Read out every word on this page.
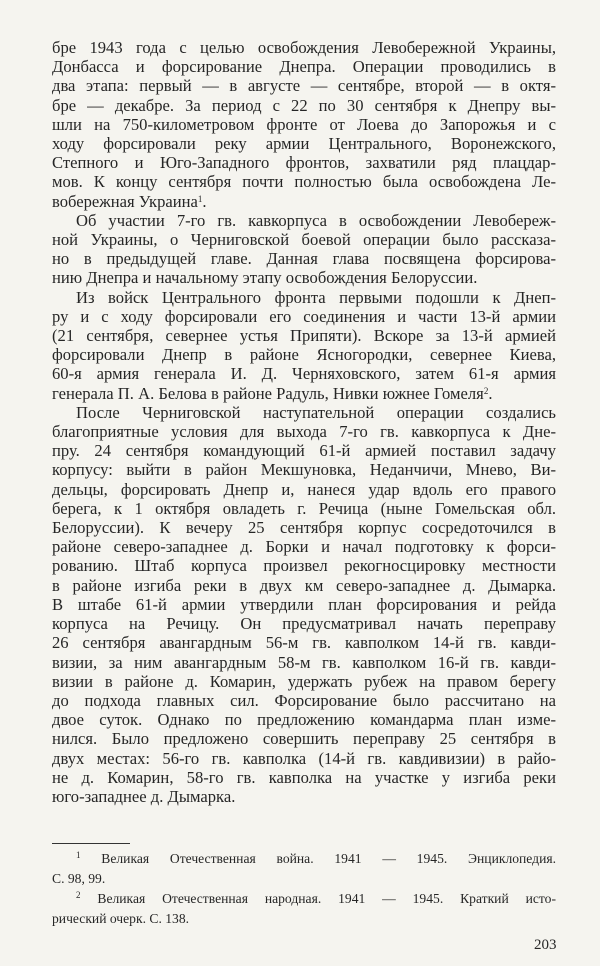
бре 1943 года с целью освобождения Левобережной Украины,
Донбасса и форсирование Днепра. Операции проводились в
два этапа: первый — в августе — сентябре, второй — в октя-
бре — декабре. За период с 22 по 30 сентября к Днепру вы-
шли на 750-километровом фронте от Лоева до Запорожья и с
ходу форсировали реку армии Центрального, Воронежского,
Степного и Юго-Западного фронтов, захватили ряд плацдар-
мов. К концу сентября почти полностью была освобождена Ле-
вобережная Украина$^1$.
Об участии 7-го гв. кавкорпуса в освобождении Левобереж-
ной Украины, о Черниговской боевой операции было рассказа-
но в предыдущей главе. Данная глава посвящена форсирова-
нию Днепра и начальному этапу освобождения Белоруссии.
Из войск Центрального фронта первыми подошли к Днеп-
ру и с ходу форсировали его соединения и части 13-й армии
(21 сентября, севернее устья Припяти). Вскоре за 13-й армией
форсировали Днепр в районе Ясногородки, севернее Киева,
60-я армия генерала И. Д. Черняховского, затем 61-я армия
генерала П. А. Белова в районе Радуль, Нивки южнее Гомеля$^2$.
После Черниговской наступательной операции создались
благоприятные условия для выхода 7-го гв. кавкорпуса к Дне-
пру. 24 сентября командующий 61-й армией поставил задачу
корпусу: выйти в район Мекшуновка, Неданчичи, Мнево, Ви-
дельцы, форсировать Днепр и, нанеся удар вдоль его правого
берега, к 1 октября овладеть г. Речица (ныне Гомельская обл.
Белоруссии). К вечеру 25 сентября корпус сосредоточился в
районе северо-западнее д. Борки и начал подготовку к форси-
рованию. Штаб корпуса произвел рекогносцировку местности
в районе изгиба реки в двух км северо-западнее д. Дымарка.
В штабе 61-й армии утвердили план форсирования и рейда
корпуса на Речицу. Он предусматривал начать переправу
26 сентября авангардным 56-м гв. кавполком 14-й гв. кавди-
визии, за ним авангардным 58-м гв. кавполком 16-й гв. кавди-
визии в районе д. Комарин, удержать рубеж на правом берегу
до подхода главных сил. Форсирование было рассчитано на
двое суток. Однако по предложению командарма план изме-
нился. Было предложено совершить переправу 25 сентября в
двух местах: 56-го гв. кавполка (14-й гв. кавдивизии) в райо-
не д. Комарин, 58-го гв. кавполка на участке у изгиба реки
юго-западнее д. Дымарка.
$^1$ Великая Отечественная война. 1941 — 1945. Энциклопедия.
С. 98, 99.
$^2$ Великая Отечественная народная. 1941 — 1945. Краткий исто-
рический очерк. С. 138.
203
